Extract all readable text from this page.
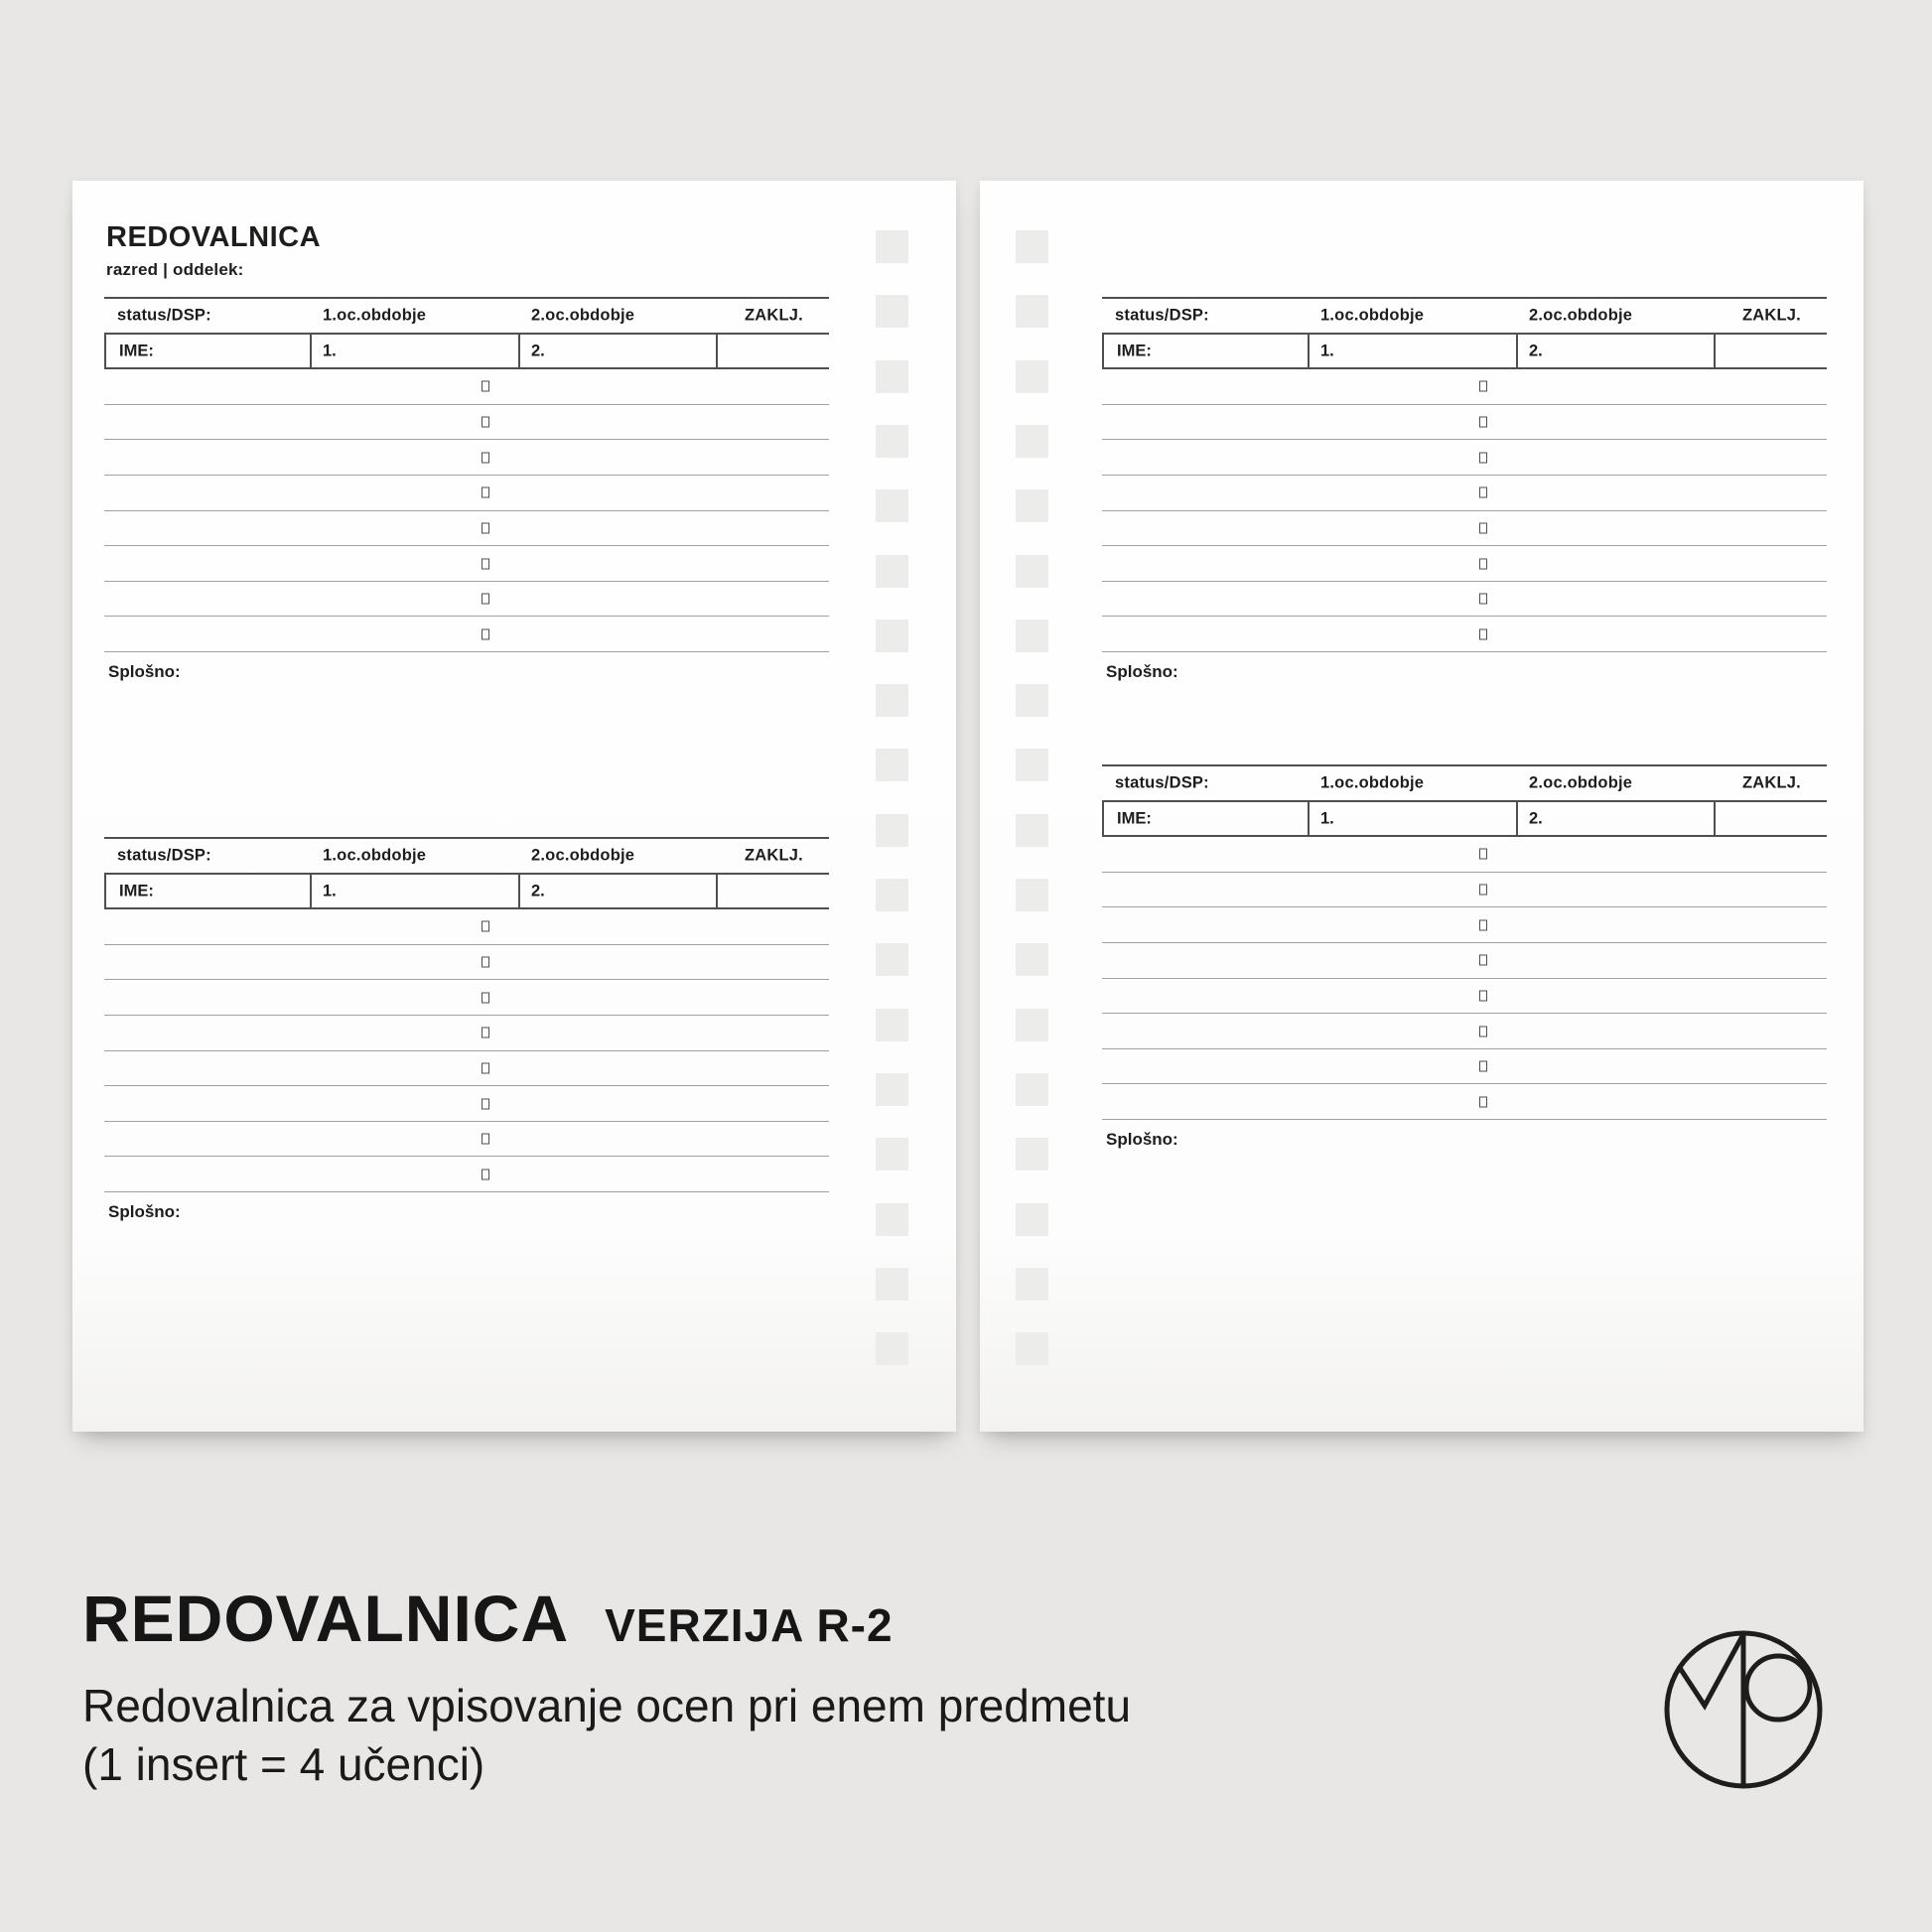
REDOVALNICA
razred | oddelek:
status/DSP:	1.oc.obdobje	2.oc.obdobje	ZAKLJ.
IME:	1.	2.
Splošno:
status/DSP:	1.oc.obdobje	2.oc.obdobje	ZAKLJ.
IME:	1.	2.
Splošno:
status/DSP:	1.oc.obdobje	2.oc.obdobje	ZAKLJ.
IME:	1.	2.
Splošno:
status/DSP:	1.oc.obdobje	2.oc.obdobje	ZAKLJ.
IME:	1.	2.
Splošno:
REDOVALNICA VERZIJA R-2
Redovalnica za vpisovanje ocen pri enem predmetu
(1 insert = 4 učenci)
